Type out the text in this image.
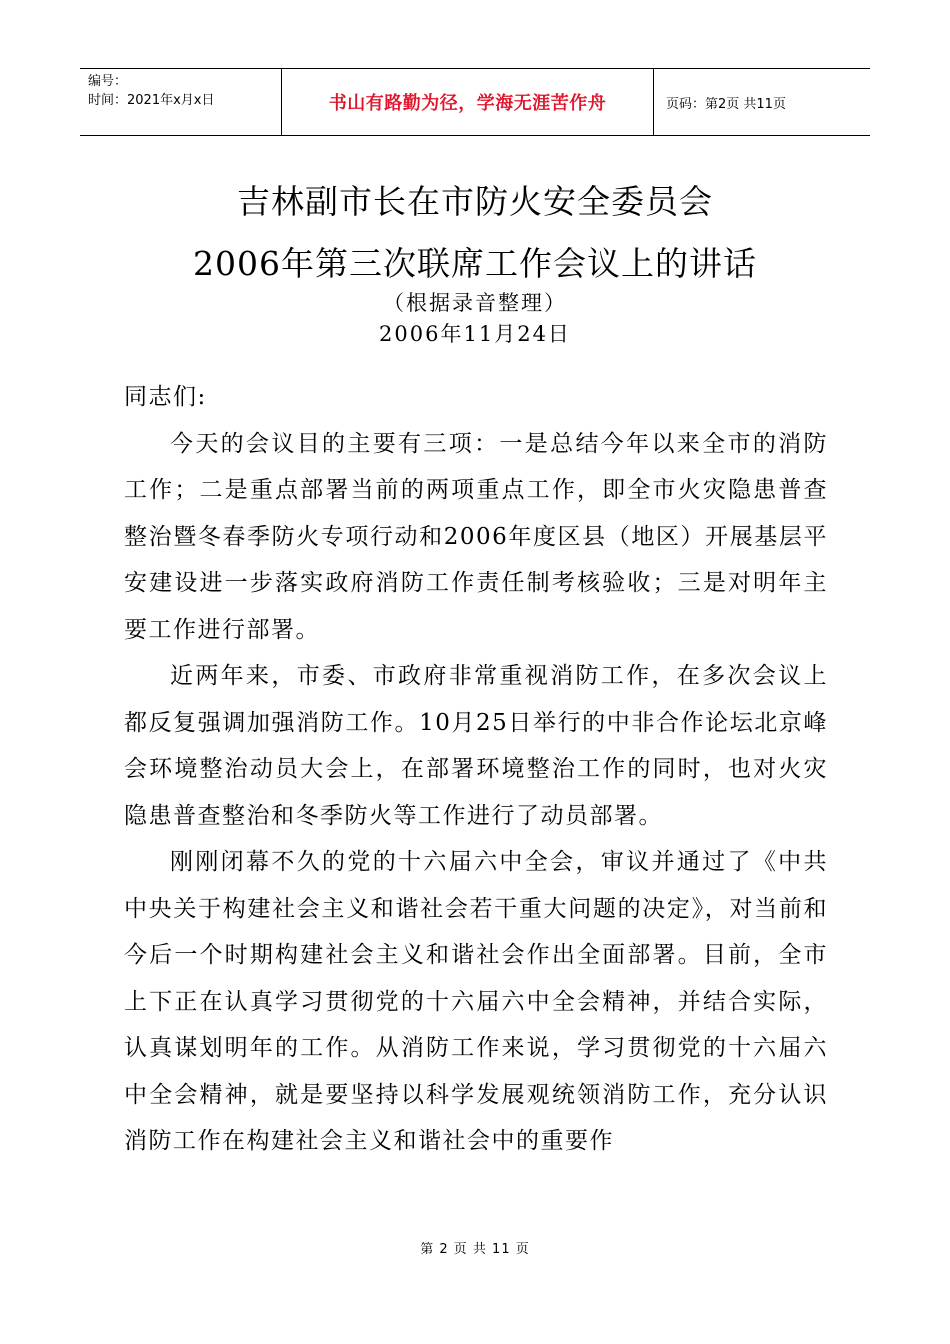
编号：
时间：2021年x月x日	书山有路勤为径，学海无涯苦作舟	页码：第2页 共11页
吉林副市长在市防火安全委员会
2006年第三次联席工作会议上的讲话
（根据录音整理）
2006年11月24日

同志们:

今天的会议目的主要有三项：一是总结今年以来全市的消防工作；二是重点部署当前的两项重点工作，即全市火灾隐患普查整治暨冬春季防火专项行动和2006年度区县（地区）开展基层平安建设进一步落实政府消防工作责任制考核验收；三是对明年主要工作进行部署。

近两年来，市委、市政府非常重视消防工作，在多次会议上都反复强调加强消防工作。10月25日举行的中非合作论坛北京峰会环境整治动员大会上，在部署环境整治工作的同时，也对火灾隐患普查整治和冬季防火等工作进行了动员部署。

刚刚闭幕不久的党的十六届六中全会，审议并通过了《中共中央关于构建社会主义和谐社会若干重大问题的决定》，对当前和今后一个时期构建社会主义和谐社会作出全面部署。目前，全市上下正在认真学习贯彻党的十六届六中全会精神，并结合实际，认真谋划明年的工作。从消防工作来说，学习贯彻党的十六届六中全会精神，就是要坚持以科学发展观统领消防工作，充分认识消防工作在构建社会主义和谐社会中的重要作

第 2 页 共 11 页
